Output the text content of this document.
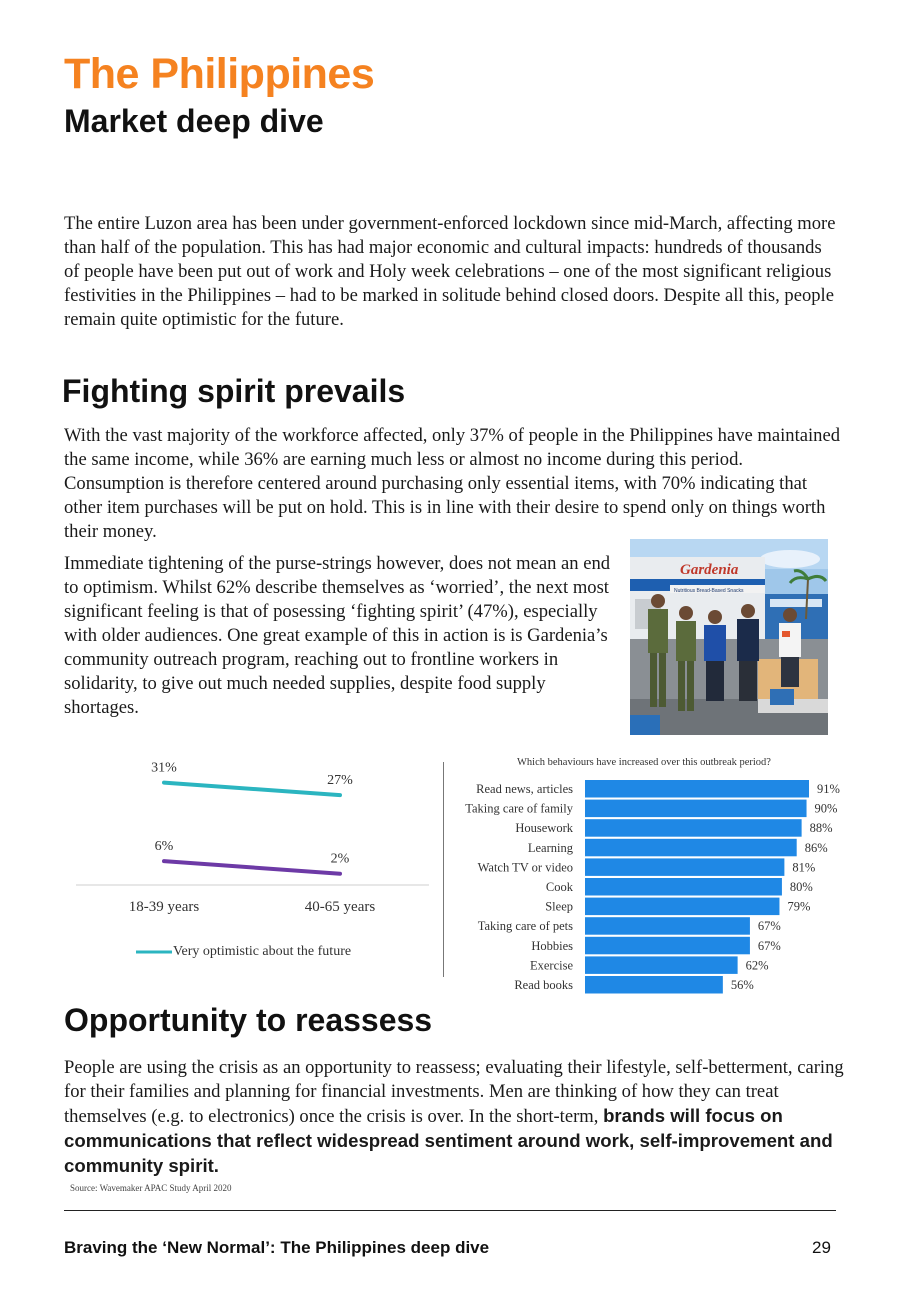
The Philippines
Market deep dive

The entire Luzon area has been under government-enforced lockdown since mid-March, affecting more than half of the population. This has had major economic and cultural impacts: hundreds of thousands of people have been put out of work and Holy week celebrations – one of the most significant religious festivities in the Philippines – had to be marked in solitude behind closed doors. Despite all this, people remain quite optimistic for the future.

Fighting spirit prevails

With the vast majority of the workforce affected, only 37% of people in the Philippines have maintained the same income, while 36% are earning much less or almost no income during this period. Consumption is therefore centered around purchasing only essential items, with 70% indicating that other item purchases will be put on hold. This is in line with their desire to spend only on things worth their money.

Immediate tightening of the purse-strings however, does not mean an end to optimism. Whilst 62% describe themselves as ‘worried’, the next most significant feeling is that of posessing ‘fighting spirit’ (47%), especially with older audiences. One great example of this in action is is Gardenia’s community outreach program, reaching out to frontline workers in solidarity, to give out much needed supplies, despite food supply shortages.

Gardenia
Nutritious Bread-Based Snacks
31%
27%
6%
2%
18-39 years	40-65 years
Very optimistic about the future
Which behaviours have increased over this outbreak period?
Read news, articles	91%
Taking care of family	90%
Housework	88%
Learning	86%
Watch TV or video	81%
Cook	80%
Sleep	79%
Taking care of pets	67%
Hobbies	67%
Exercise	62%
Read books	56%
Opportunity to reassess

People are using the crisis as an opportunity to reassess; evaluating their lifestyle, self-betterment, caring for their families and planning for financial investments. Men are thinking of how they can treat themselves (e.g. to electronics) once the crisis is over. In the short-term, brands will focus on communications that reflect widespread sentiment around work, self-improvement and community spirit.

Source: Wavemaker APAC Study April 2020
Braving the ‘New Normal’: The Philippines deep dive	29
